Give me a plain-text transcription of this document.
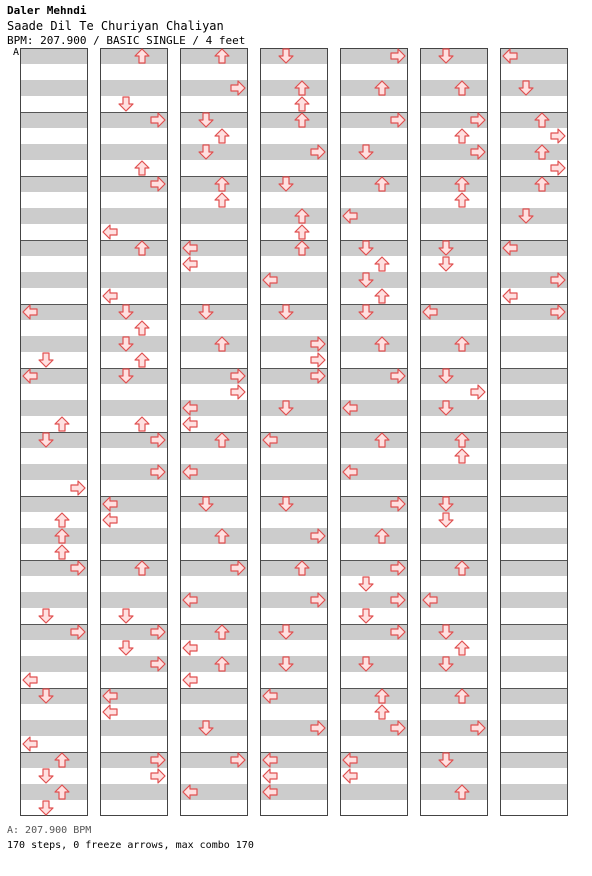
Daler Mehndi
Saade Dil Te Churiyan Chaliyan
BPM: 207.900 / BASIC SINGLE / 4 feet
A
A: 207.900 BPM
170 steps, 0 freeze arrows, max combo 170
